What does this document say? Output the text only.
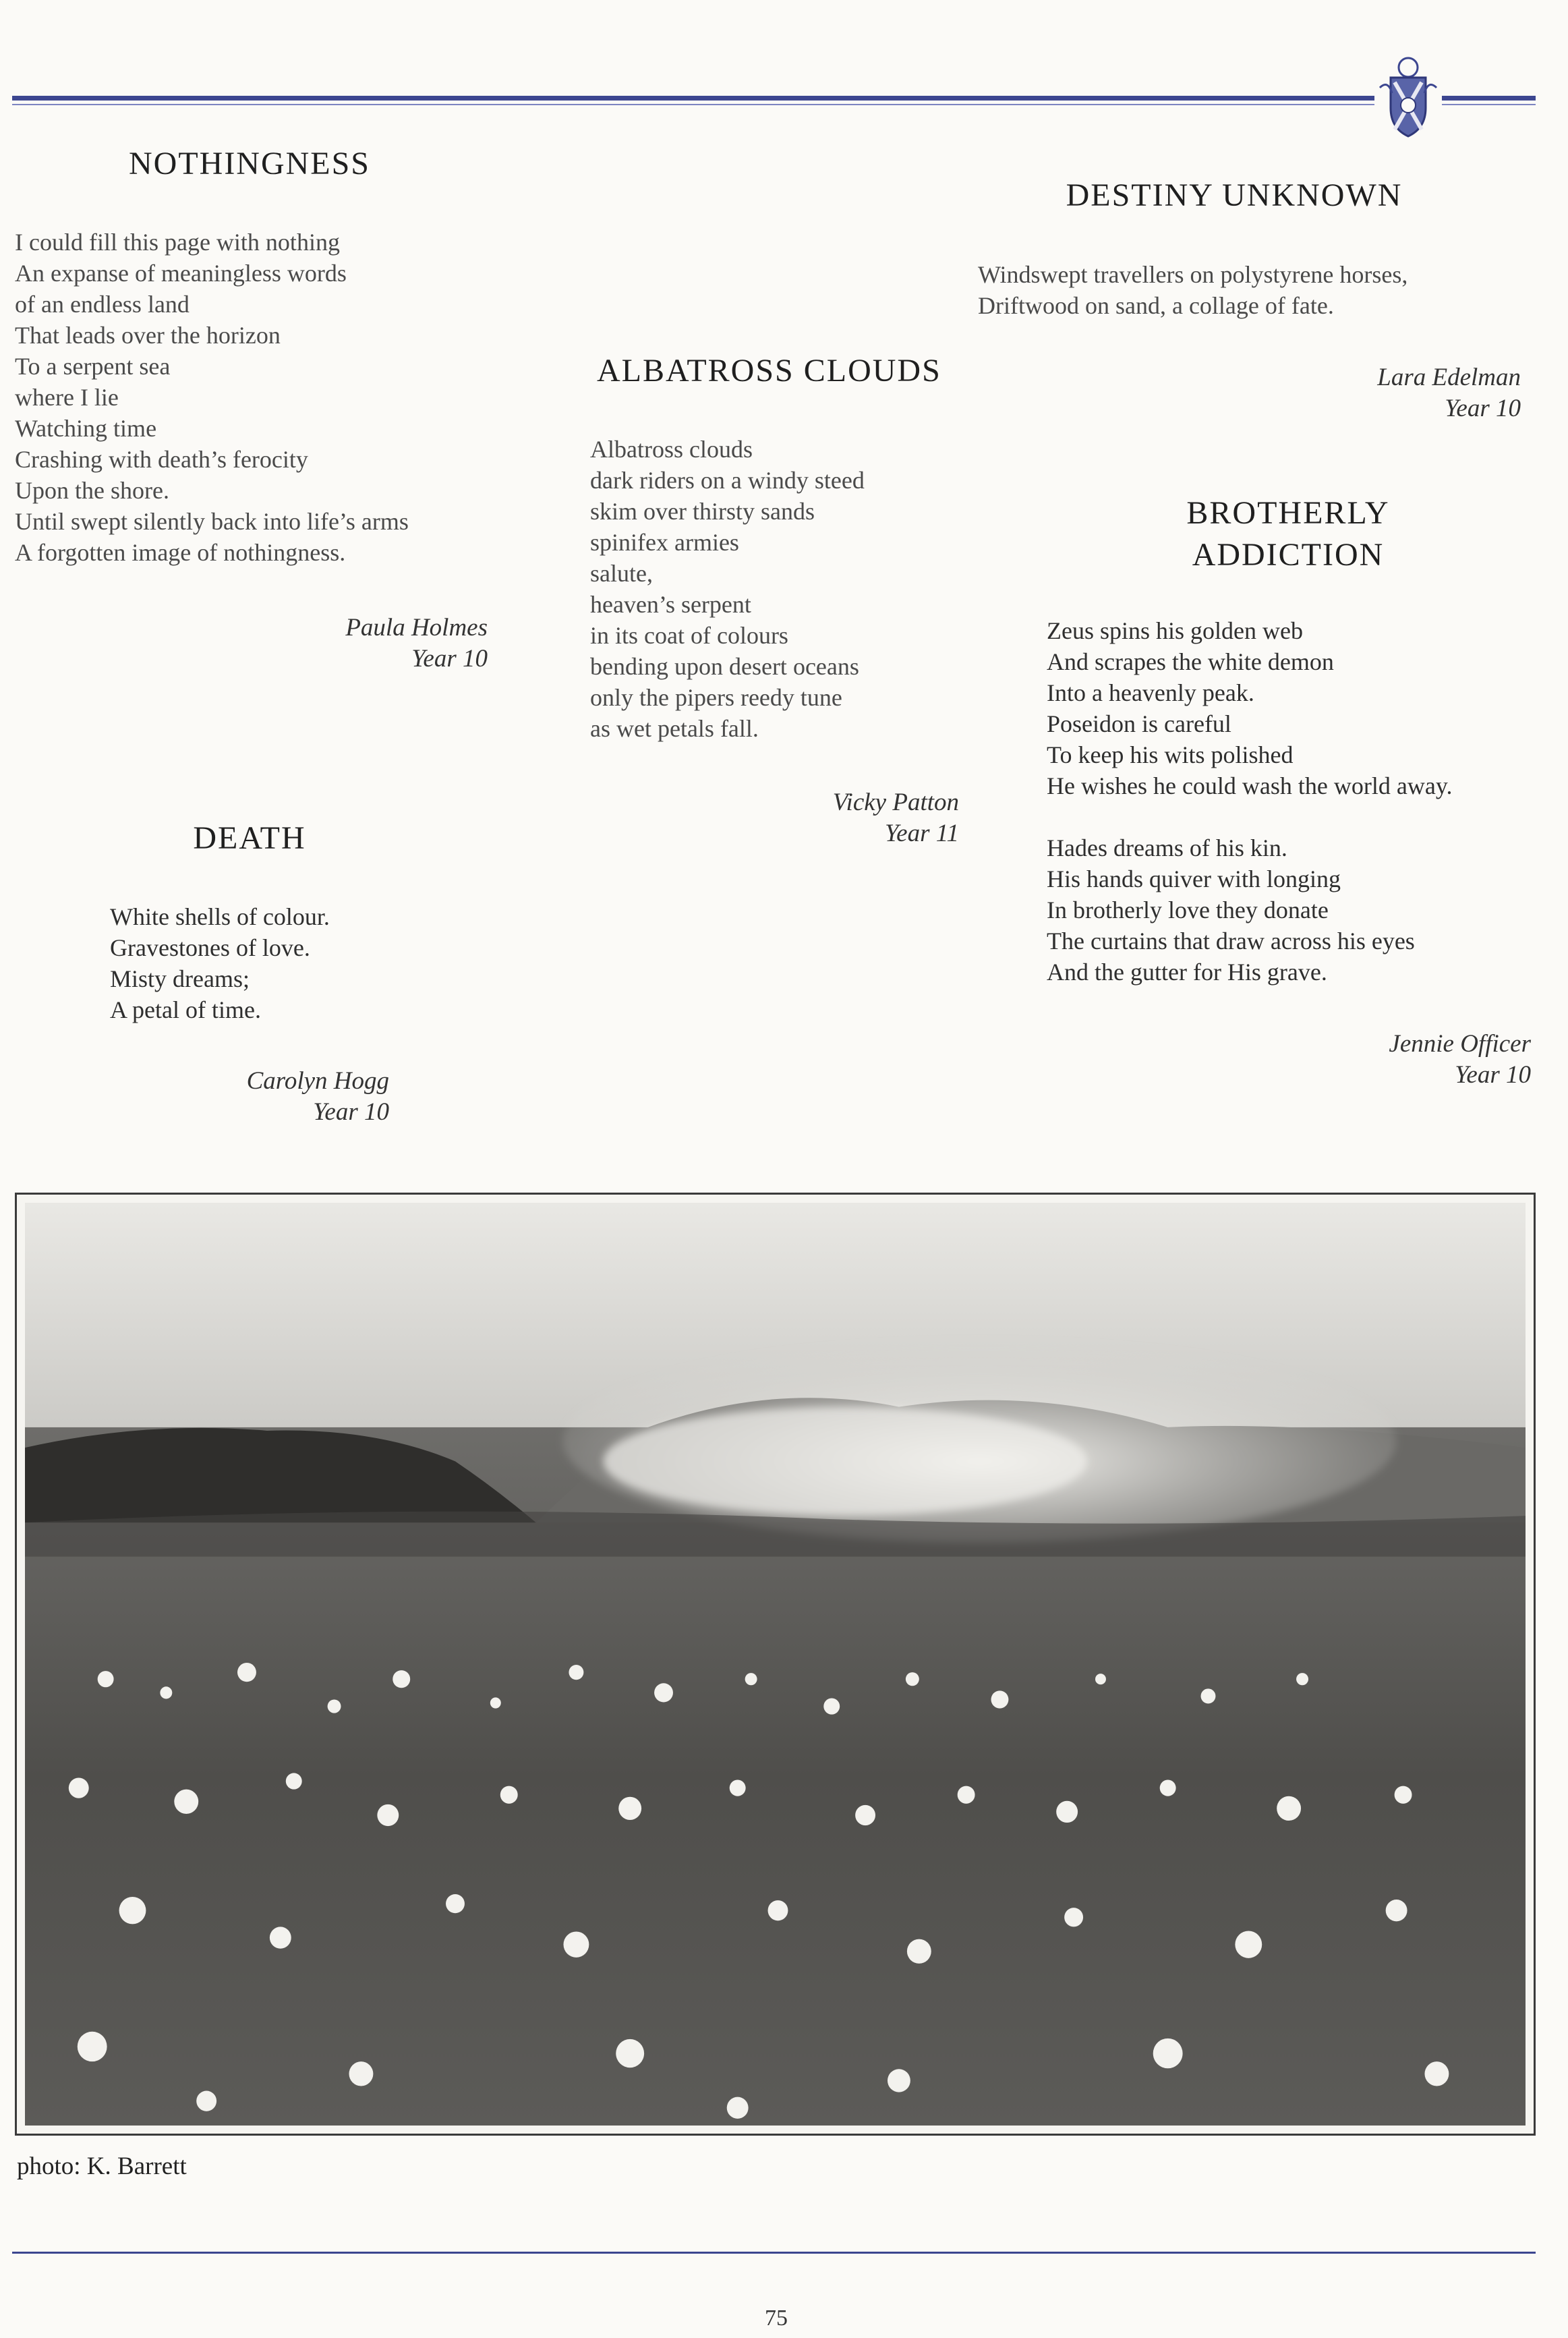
NOTHINGNESS
I could fill this page with nothing
An expanse of meaningless words
of an endless land
That leads over the horizon
To a serpent sea
where I lie
Watching time
Crashing with death’s ferocity
Upon the shore.
Until swept silently back into life’s arms
A forgotten image of nothingness.
Paula Holmes
Year 10
DEATH
White shells of colour.
Gravestones of love.
Misty dreams;
A petal of time.
Carolyn Hogg
Year 10
ALBATROSS CLOUDS
Albatross clouds
dark riders on a windy steed
skim over thirsty sands
spinifex armies
salute,
heaven’s serpent
in its coat of colours
bending upon desert oceans
only the pipers reedy tune
as wet petals fall.
Vicky Patton
Year 11
DESTINY UNKNOWN
Windswept travellers on polystyrene horses,
Driftwood on sand, a collage of fate.
Lara Edelman
Year 10
BROTHERLY
ADDICTION
Zeus spins his golden web
And scrapes the white demon
Into a heavenly peak.
Poseidon is careful
To keep his wits polished
He wishes he could wash the world away.
Hades dreams of his kin.
His hands quiver with longing
In brotherly love they donate
The curtains that draw across his eyes
And the gutter for His grave.
Jennie Officer
Year 10
photo: K. Barrett
75
